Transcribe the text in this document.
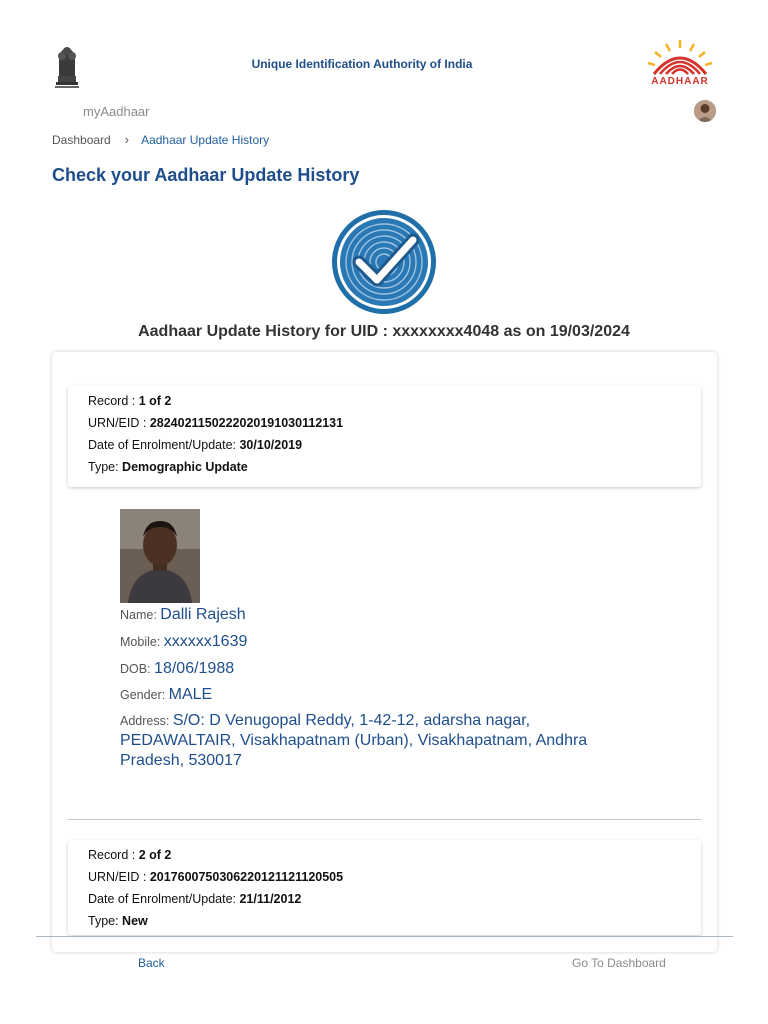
Unique Identification Authority of India
AADHAAR
myAadhaar
Dashboard › Aadhaar Update History
Check your Aadhaar Update History
Aadhaar Update History for UID : xxxxxxxx4048 as on 19/03/2024
Record : 1 of 2
URN/EID : 2824021150222020191030112131
Date of Enrolment/Update: 30/10/2019
Type: Demographic Update
Name: Dalli Rajesh
Mobile: xxxxxx1639
DOB: 18/06/1988
Gender: MALE
Address: S/O: D Venugopal Reddy, 1-42-12, adarsha nagar, PEDAWALTAIR, Visakhapatnam (Urban), Visakhapatnam, Andhra Pradesh, 530017
Record : 2 of 2
URN/EID : 2017600750306220121121120505
Date of Enrolment/Update: 21/11/2012
Type: New
Back	Go To Dashboard
